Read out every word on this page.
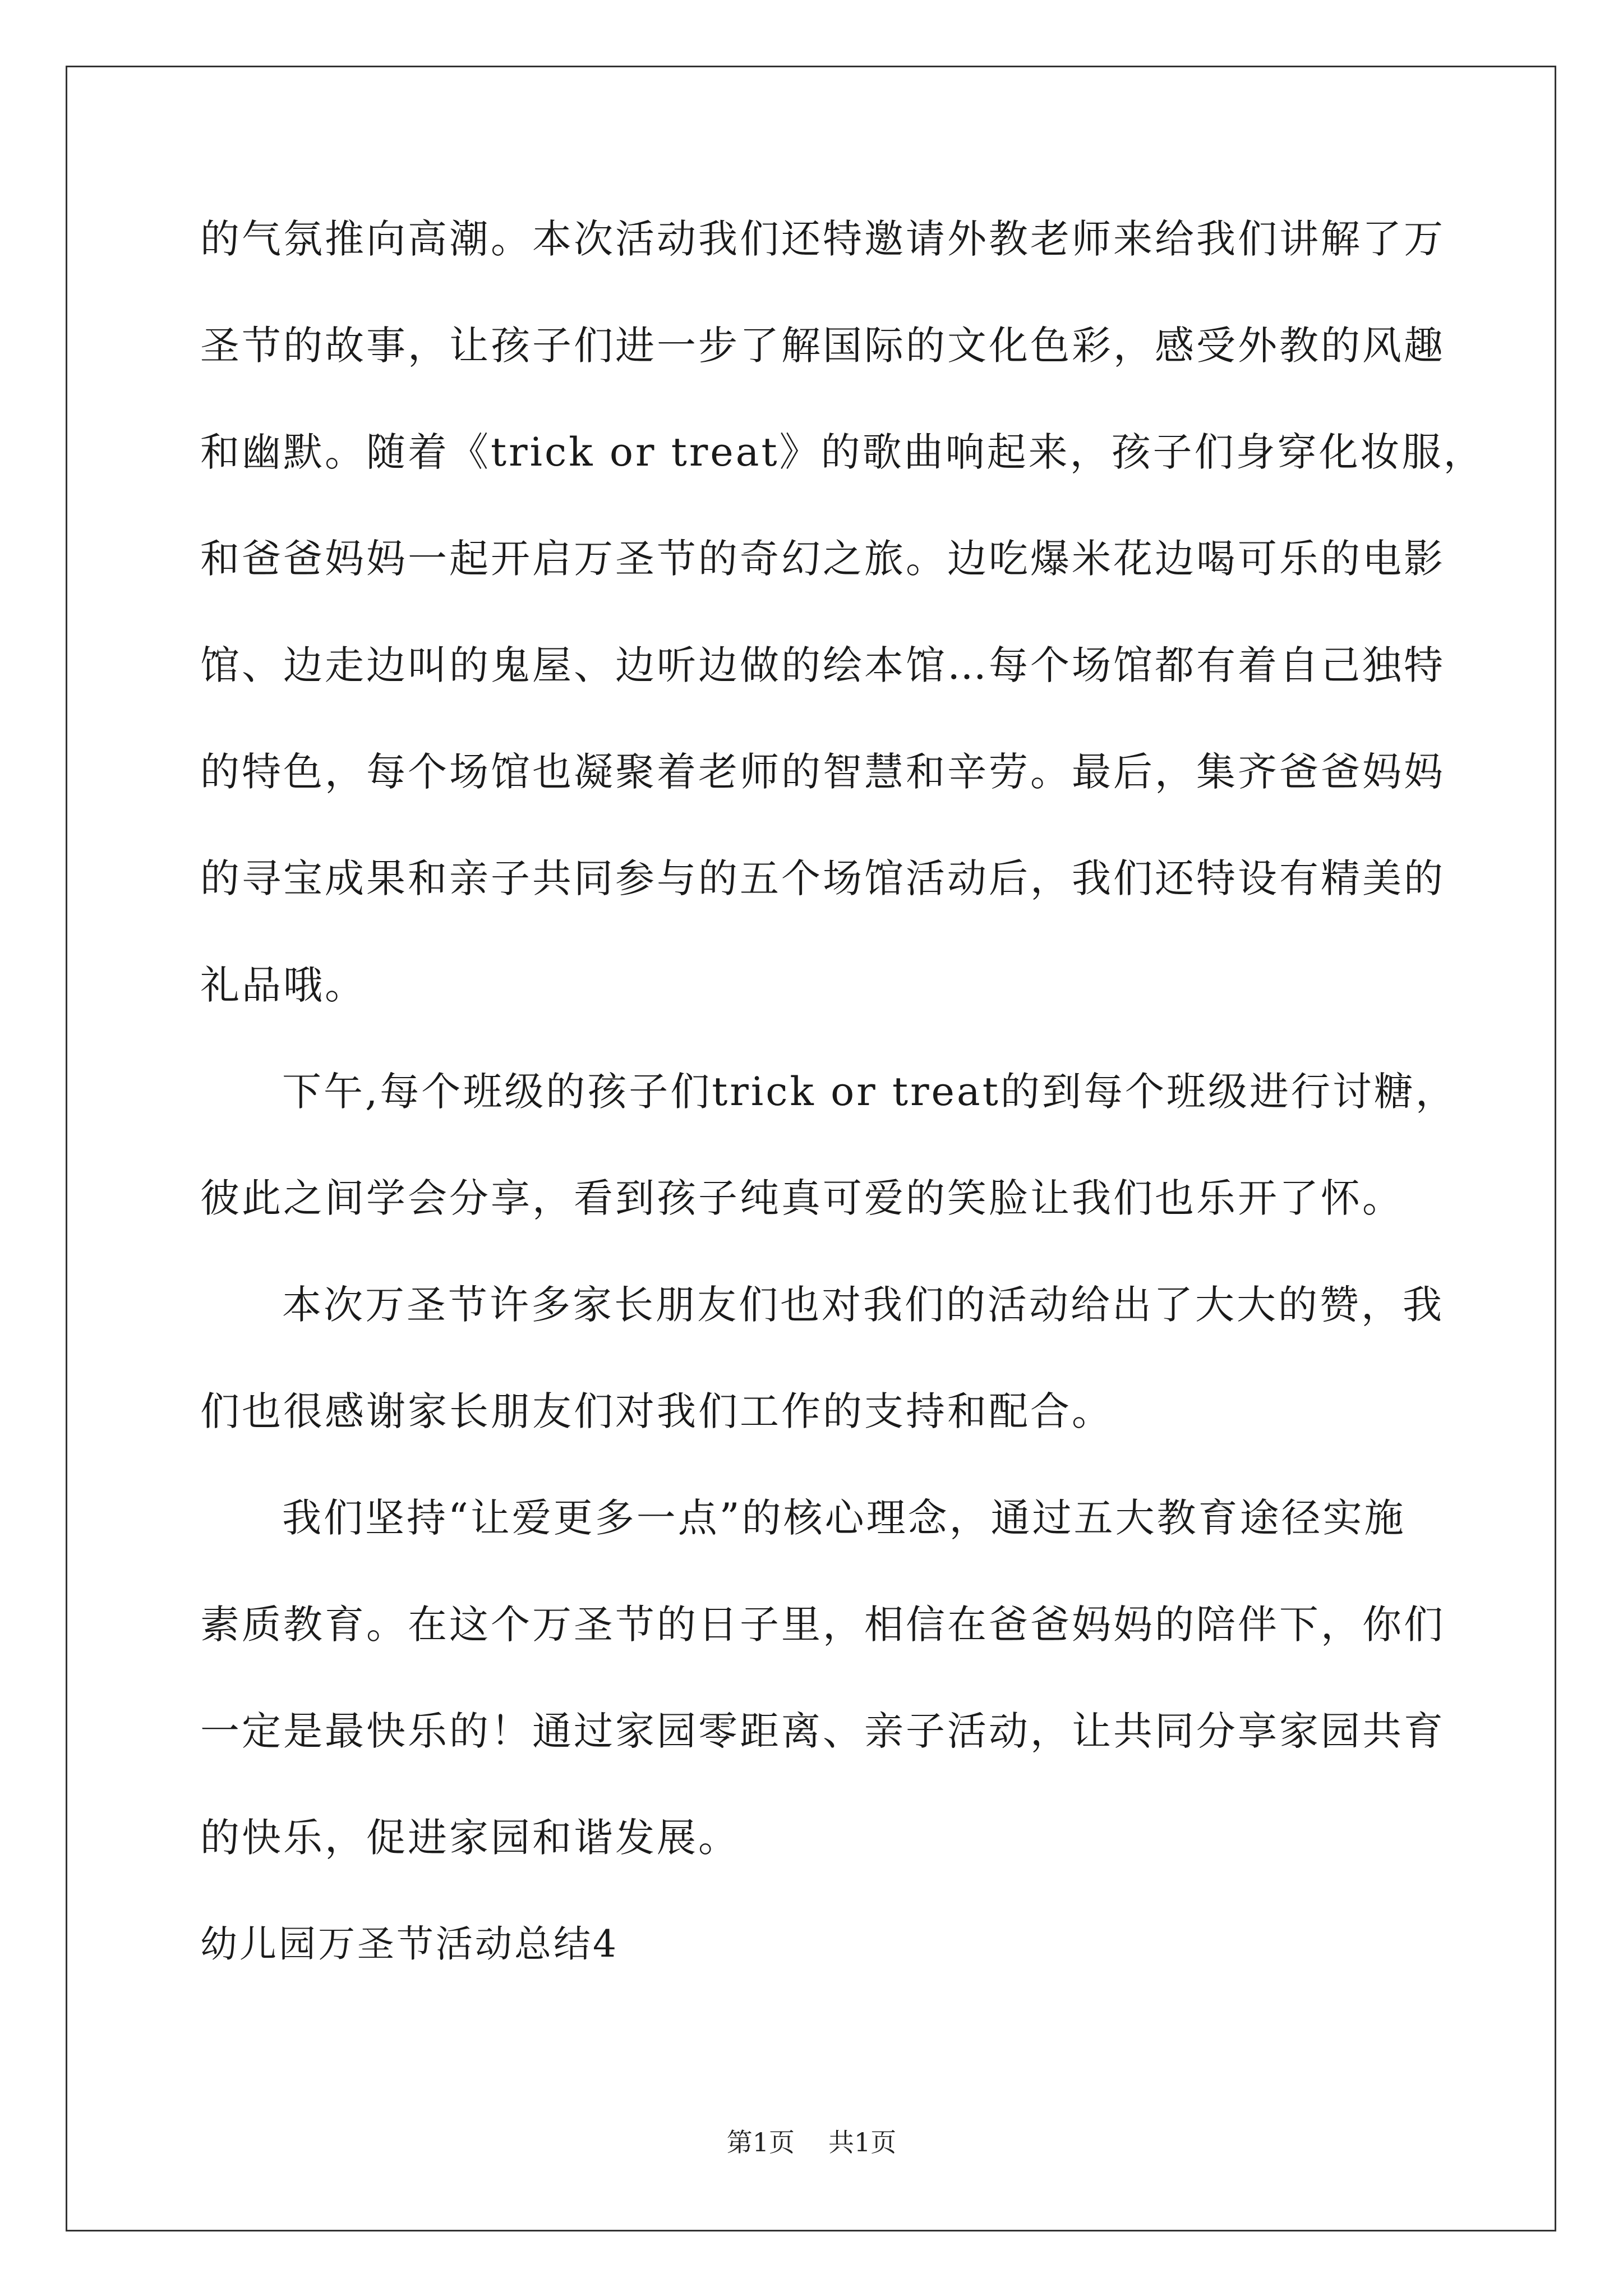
的气氛推向高潮。本次活动我们还特邀请外教老师来给我们讲解了万
圣节的故事，让孩子们进一步了解国际的文化色彩，感受外教的风趣
和幽默。随着《trick or treat》的歌曲响起来，孩子们身穿化妆服，
和爸爸妈妈一起开启万圣节的奇幻之旅。边吃爆米花边喝可乐的电影
馆、边走边叫的鬼屋、边听边做的绘本馆…每个场馆都有着自己独特
的特色，每个场馆也凝聚着老师的智慧和辛劳。最后，集齐爸爸妈妈
的寻宝成果和亲子共同参与的五个场馆活动后，我们还特设有精美的
礼品哦。
下午,每个班级的孩子们trick or treat的到每个班级进行讨糖，
彼此之间学会分享，看到孩子纯真可爱的笑脸让我们也乐开了怀。
本次万圣节许多家长朋友们也对我们的活动给出了大大的赞，我
们也很感谢家长朋友们对我们工作的支持和配合。
我们坚持“让爱更多一点”的核心理念，通过五大教育途径实施
素质教育。在这个万圣节的日子里，相信在爸爸妈妈的陪伴下，你们
一定是最快乐的！通过家园零距离、亲子活动，让共同分享家园共育
的快乐，促进家园和谐发展。
幼儿园万圣节活动总结4
第1页 共1页
